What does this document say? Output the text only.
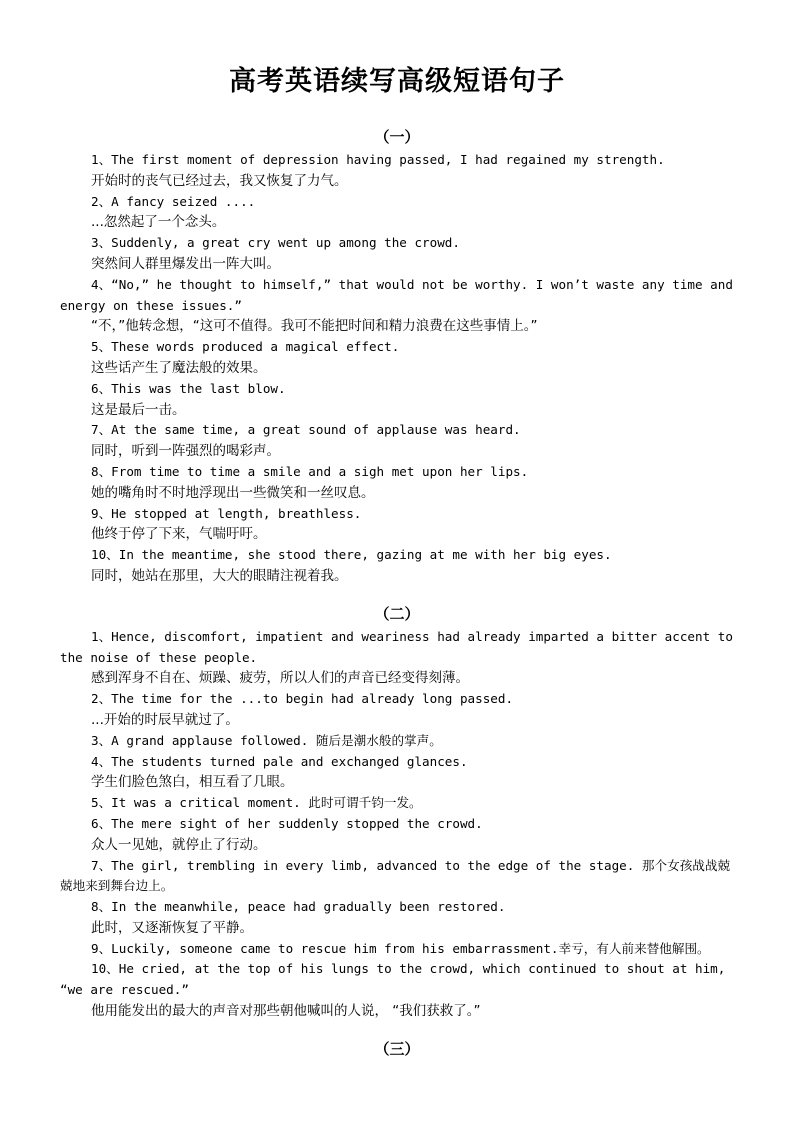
高考英语续写高级短语句子
（一）

1、The first moment of depression having passed, I had regained my strength.

开始时的丧气已经过去，我又恢复了力气。

2、A fancy seized ....

...忽然起了一个念头。

3、Suddenly, a great cry went up among the crowd.

突然间人群里爆发出一阵大叫。

4、“No,” he thought to himself,” that would not be worthy. I won’t waste any time and energy on these issues.”

“不，”他转念想，“这可不值得。我可不能把时间和精力浪费在这些事情上。”

5、These words produced a magical effect.

这些话产生了魔法般的效果。

6、This was the last blow.

这是最后一击。

7、At the same time, a great sound of applause was heard.

同时，听到一阵强烈的喝彩声。

8、From time to time a smile and a sigh met upon her lips.

她的嘴角时不时地浮现出一些微笑和一丝叹息。

9、He stopped at length, breathless.

他终于停了下来，气喘吁吁。

10、In the meantime, she stood there, gazing at me with her big eyes.

同时，她站在那里，大大的眼睛注视着我。

（二）

1、Hence, discomfort, impatient and weariness had already imparted a bitter accent to the noise of these people.

感到浑身不自在、烦躁、疲劳，所以人们的声音已经变得刻薄。

2、The time for the ...to begin had already long passed.

...开始的时辰早就过了。

3、A grand applause followed. 随后是潮水般的掌声。

4、The students turned pale and exchanged glances.

学生们脸色煞白，相互看了几眼。

5、It was a critical moment. 此时可谓千钧一发。

6、The mere sight of her suddenly stopped the crowd.

众人一见她，就停止了行动。

7、The girl, trembling in every limb, advanced to the edge of the stage. 那个女孩战战兢兢地来到舞台边上。

8、In the meanwhile, peace had gradually been restored.

此时，又逐渐恢复了平静。

9、Luckily, someone came to rescue him from his embarrassment.幸亏，有人前来替他解围。

10、He cried, at the top of his lungs to the crowd, which continued to shout at him, “we are rescued.”

他用能发出的最大的声音对那些朝他喊叫的人说， “我们获救了。”

（三）
